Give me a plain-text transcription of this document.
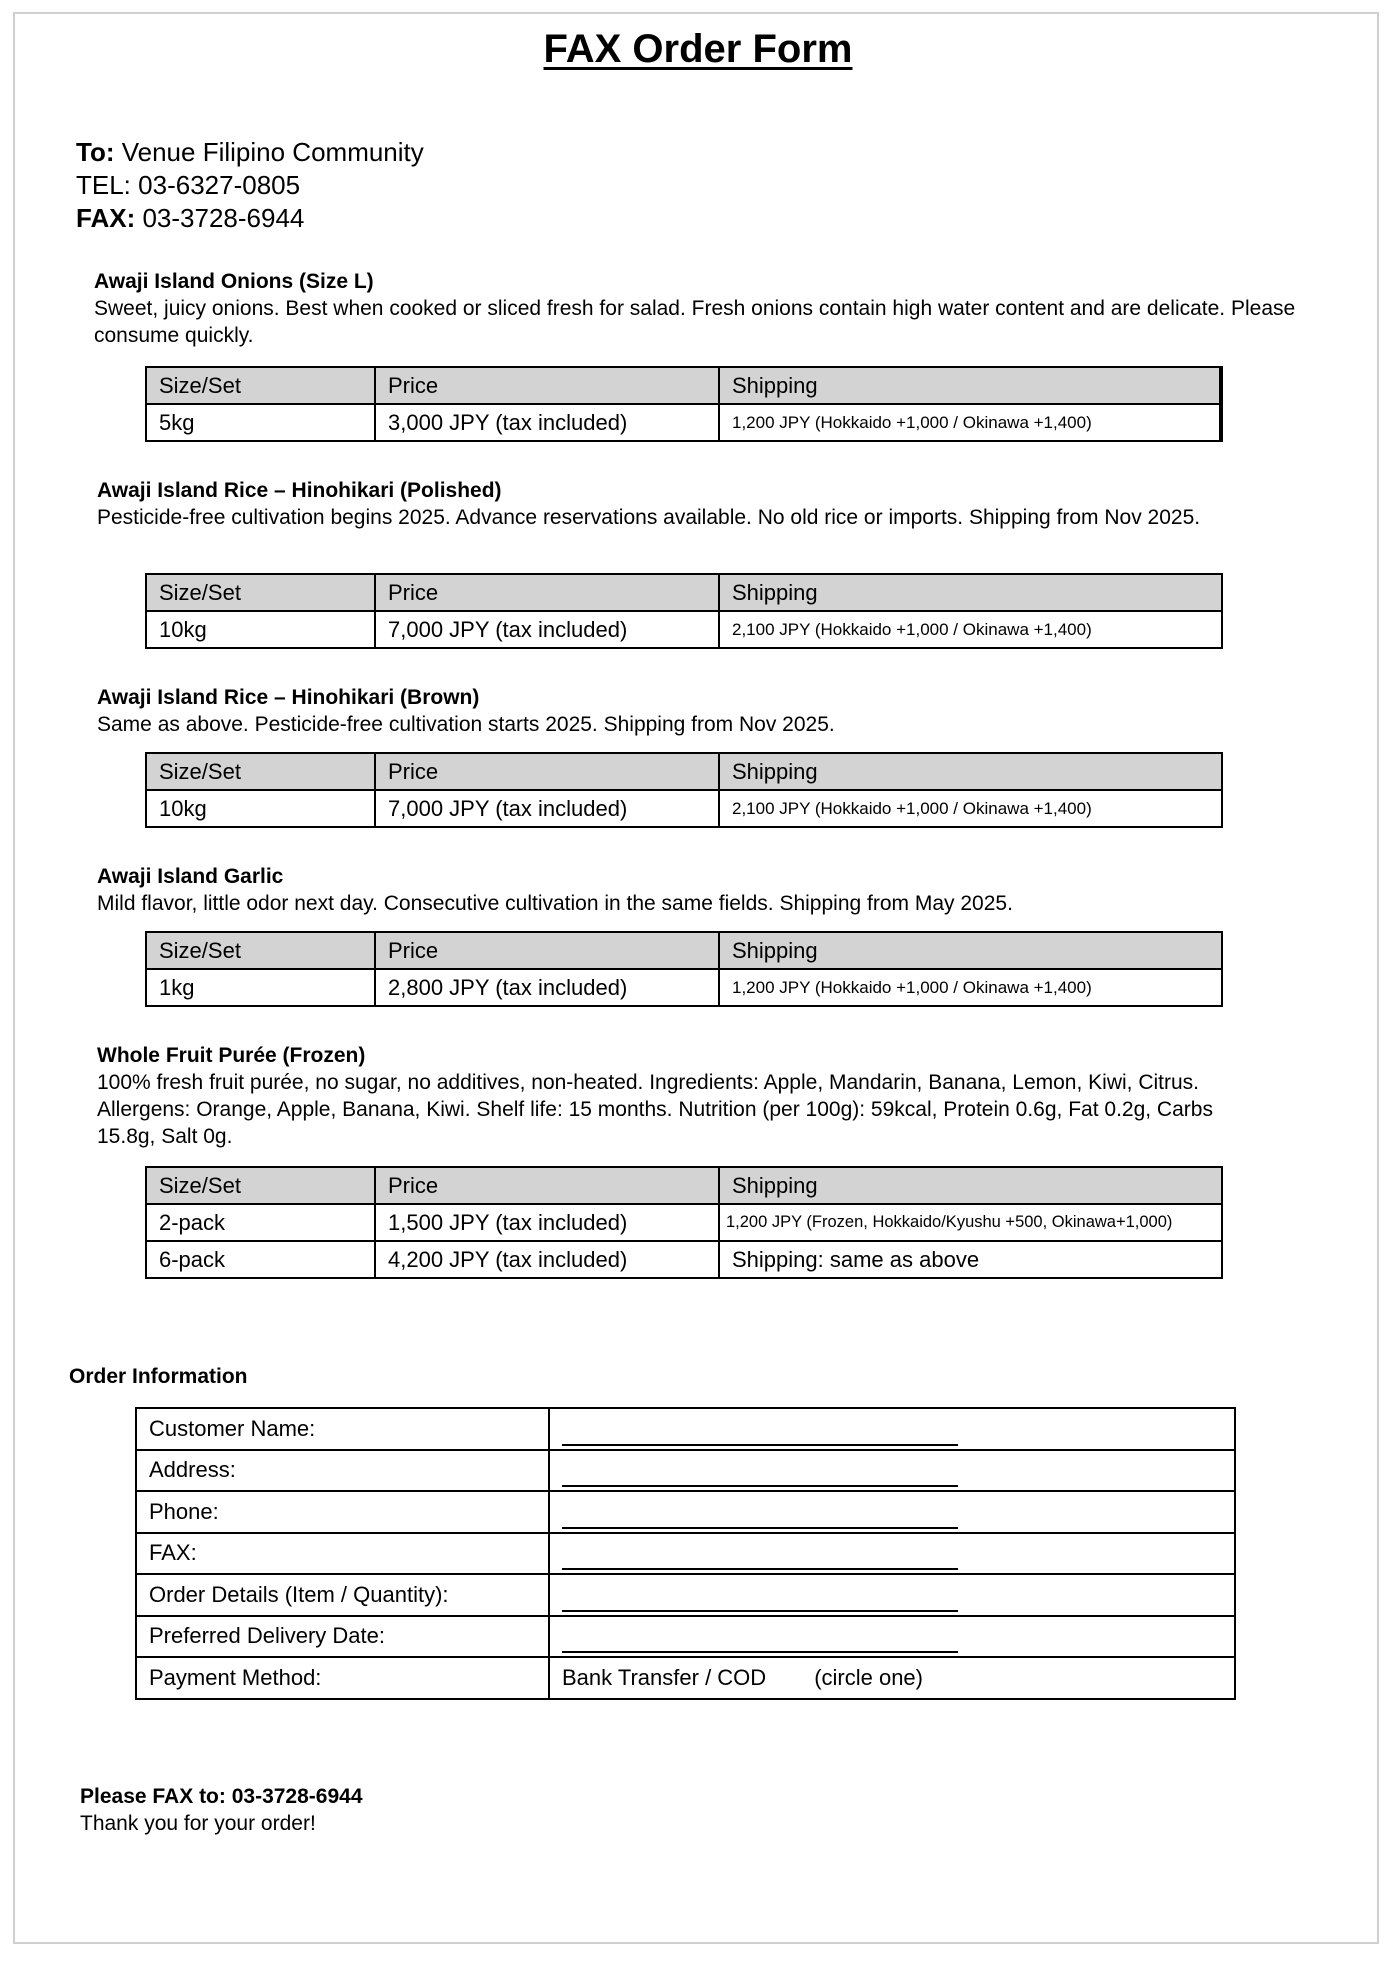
FAX Order Form
To: Venue Filipino Community
TEL: 03-6327-0805
FAX: 03-3728-6944
Awaji Island Onions (Size L)
Sweet, juicy onions. Best when cooked or sliced fresh for salad. Fresh onions contain high water content and are delicate. Please consume quickly.
Size/Set	Price	Shipping
5kg	3,000 JPY (tax included)	1,200 JPY (Hokkaido +1,000 / Okinawa +1,400)
Awaji Island Rice – Hinohikari (Polished)
Pesticide-free cultivation begins 2025. Advance reservations available. No old rice or imports. Shipping from Nov 2025.
Size/Set	Price	Shipping
10kg	7,000 JPY (tax included)	2,100 JPY (Hokkaido +1,000 / Okinawa +1,400)
Awaji Island Rice – Hinohikari (Brown)
Same as above. Pesticide-free cultivation starts 2025. Shipping from Nov 2025.
Size/Set	Price	Shipping
10kg	7,000 JPY (tax included)	2,100 JPY (Hokkaido +1,000 / Okinawa +1,400)
Awaji Island Garlic
Mild flavor, little odor next day. Consecutive cultivation in the same fields. Shipping from May 2025.
Size/Set	Price	Shipping
1kg	2,800 JPY (tax included)	1,200 JPY (Hokkaido +1,000 / Okinawa +1,400)
Whole Fruit Purée (Frozen)
100% fresh fruit purée, no sugar, no additives, non-heated. Ingredients: Apple, Mandarin, Banana, Lemon, Kiwi, Citrus. Allergens: Orange, Apple, Banana, Kiwi. Shelf life: 15 months. Nutrition (per 100g): 59kcal, Protein 0.6g, Fat 0.2g, Carbs 15.8g, Salt 0g.
Size/Set	Price	Shipping
2-pack	1,500 JPY (tax included)	1,200 JPY (Frozen, Hokkaido/Kyushu +500, Okinawa+1,000)
6-pack	4,200 JPY (tax included)	Shipping: same as above
Order Information
Customer Name:	
Address:	
Phone:	
FAX:	
Order Details (Item / Quantity):	
Preferred Delivery Date:	
Payment Method:	Bank Transfer / COD (circle one)
Please FAX to: 03-3728-6944
Thank you for your order!
